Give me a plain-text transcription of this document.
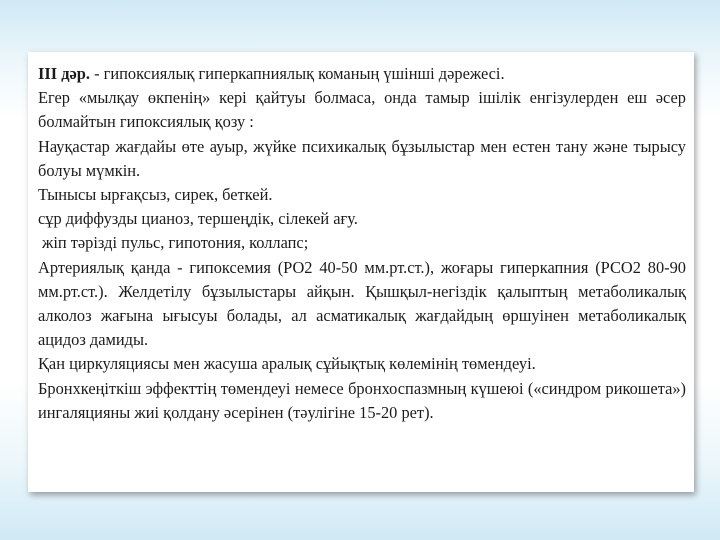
ІІІ дәр. - гипоксиялық гиперкапниялық команың үшінші дәрежесі.

Егер «мылқау өкпенің» кері қайтуы болмаса, онда тамыр ішілік енгізулерден еш әсер болмайтын гипоксиялық қозу :

Науқастар жағдайы өте ауыр, жүйке психикалық бұзылыстар мен естен тану және тырысу болуы мүмкін.

Тынысы ырғақсыз, сирек, беткей.

сұр диффузды цианоз, тершеңдік, сілекей ағу.

жіп тәрізді пульс, гипотония, коллапс;

Артериялық қанда - гипоксемия (РО2 40-50 мм.рт.ст.), жоғары гиперкапния (РСО2 80-90 мм.рт.ст.). Желдетілу бұзылыстары айқын. Қышқыл-негіздік қалыптың метаболикалық алколоз жағына ығысуы болады, ал асматикалық жағдайдың өршуінен метаболикалық ацидоз дамиды.

Қан циркуляциясы мен жасуша аралық сұйықтық көлемінің төмендеуі.

Бронхкеңіткіш эффекттің төмендеуі немесе бронхоспазмның күшеюі («синдром рикошета») ингаляцияны жиі қолдану әсерінен (тәулігіне 15-20 рет).
